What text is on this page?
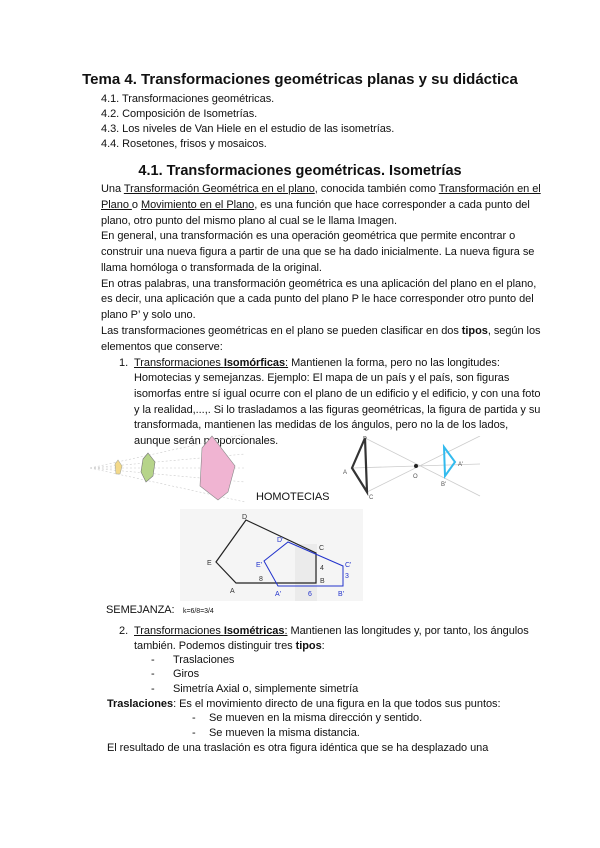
Tema 4. Transformaciones geométricas planas y su didáctica
4.1. Transformaciones geométricas.
4.2. Composición de Isometrías.
4.3. Los niveles de Van Hiele en el estudio de las isometrías.
4.4. Rosetones, frisos y mosaicos.
4.1. Transformaciones geométricas. Isometrías
Una Transformación Geométrica en el plano, conocida también como Transformación en el
Plano o Movimiento en el Plano, es una función que hace corresponder a cada punto del
plano, otro punto del mismo plano al cual se le llama Imagen.
En general, una transformación es una operación geométrica que permite encontrar o
construir una nueva figura a partir de una que se ha dado inicialmente. La nueva figura se
llama homóloga o transformada de la original.
En otras palabras, una transformación geométrica es una aplicación del plano en el plano,
es decir, una aplicación que a cada punto del plano P le hace corresponder otro punto del
plano P’ y solo uno.
Las transformaciones geométricas en el plano se pueden clasificar en dos tipos, según los
elementos que conserve:
1. Transformaciones Isomórficas: Mantienen la forma, pero no las longitudes:
Homotecias y semejanzas. Ejemplo: El mapa de un país y el país, son figuras
isomorfas entre sí igual ocurre con el plano de un edificio y el edificio, y con una foto
y la realidad,...,. Si lo trasladamos a las figuras geométricas, la figura de partida y su
transformada, mantienen las medidas de los ángulos, pero no la de los lados,
aunque serán proporcionales.
A
B
C
O
A'
B'
HOMOTECIAS
D
C
E
A
B
D'
C'
E'
A'	B'
8
4
6
3
SEMEJANZA: k=6/8=3/4
2. Transformaciones Isométricas: Mantienen las longitudes y, por tanto, los ángulos
también. Podemos distinguir tres tipos:
- Traslaciones
- Giros
- Simetría Axial o, simplemente simetría
Traslaciones: Es el movimiento directo de una figura en la que todos sus puntos:
- Se mueven en la misma dirección y sentido.
- Se mueven la misma distancia.
El resultado de una traslación es otra figura idéntica que se ha desplazado una
